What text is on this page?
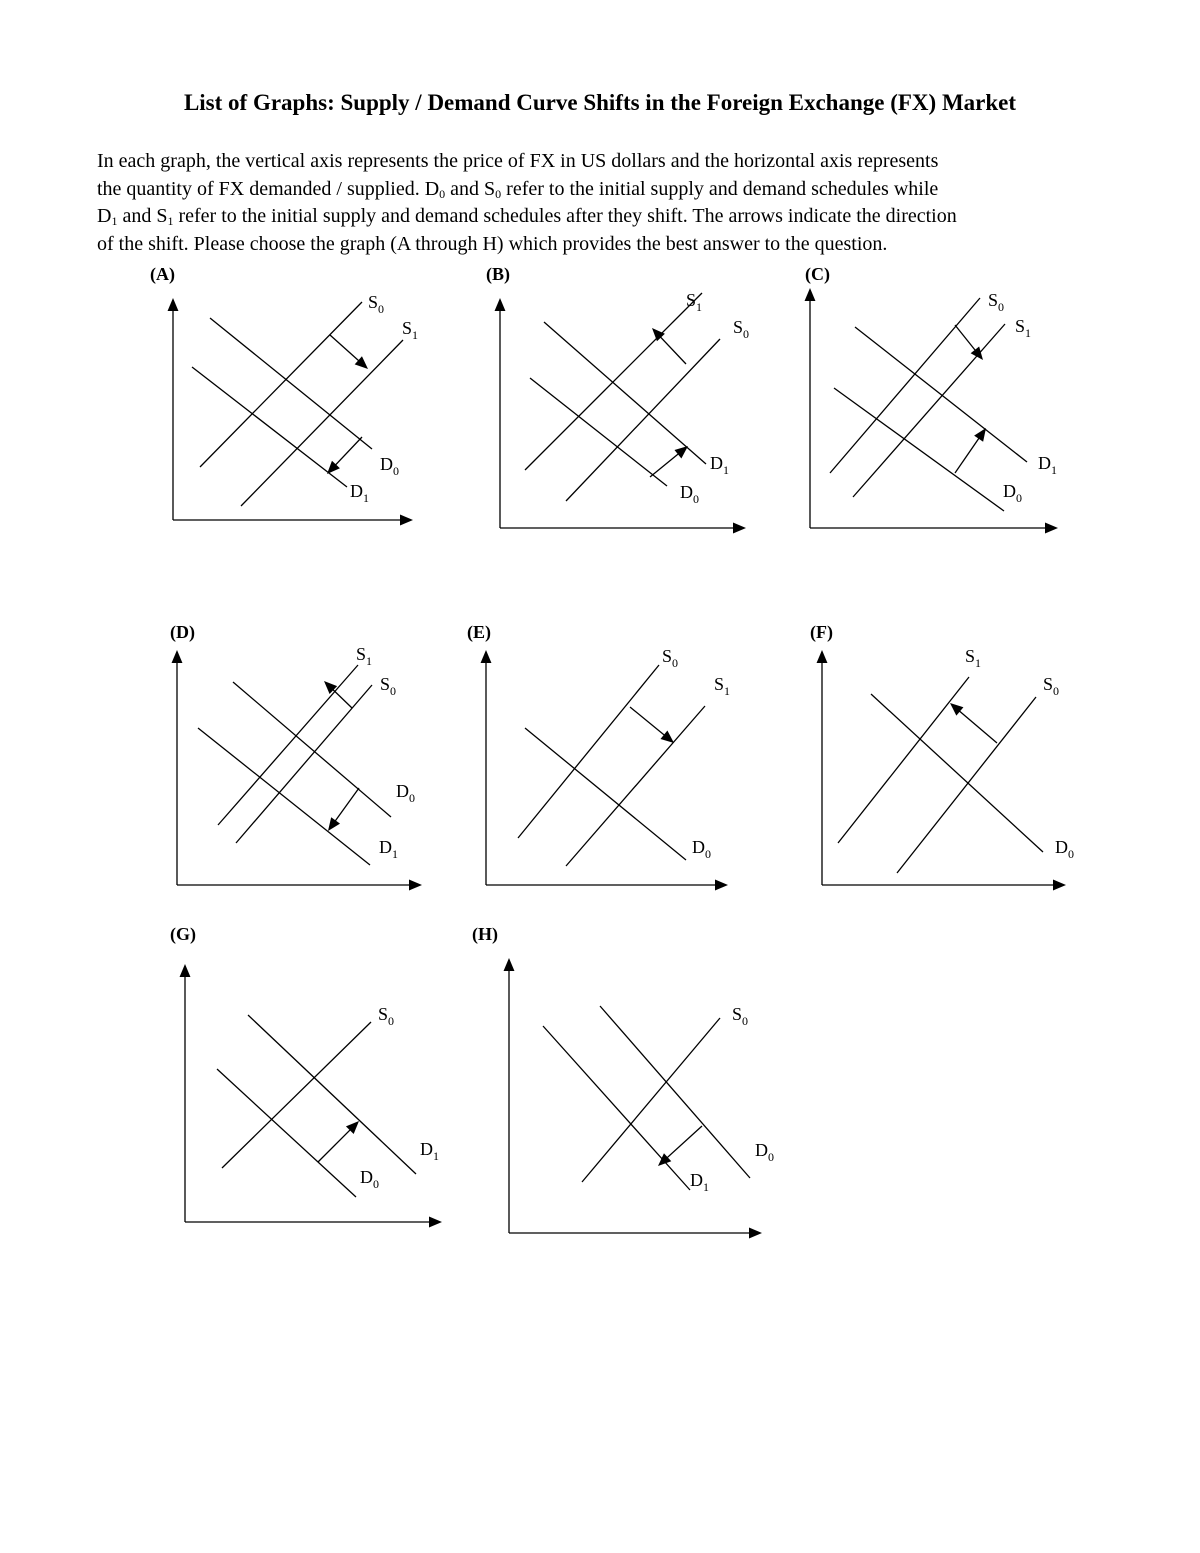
List of Graphs: Supply / Demand Curve Shifts in the Foreign Exchange (FX) Market

In each graph, the vertical axis represents the price of FX in US dollars and the horizontal axis represents

the quantity of FX demanded / supplied. $D_0$ and $S_0$ refer to the initial supply and demand schedules while

$D_1$ and $S_1$ refer to the initial supply and demand schedules after they shift. The arrows indicate the direction

of the shift. Please choose the graph (A through H) which provides the best answer to the question.

(A)
$S_0$
$S_1$
$D_0$
$D_1$
(B)
$S_1$
$S_0$
$D_1$
$D_0$
(C)
$S_0$
$S_1$
$D_1$
$D_0$
(D)
$S_1$
$S_0$
$D_0$
$D_1$
(E)
$S_0$
$S_1$
$D_0$
(F)
$S_1$
$S_0$
$D_0$
(G)
$S_0$
$D_1$
$D_0$
(H)
$S_0$
$D_0$
$D_1$
